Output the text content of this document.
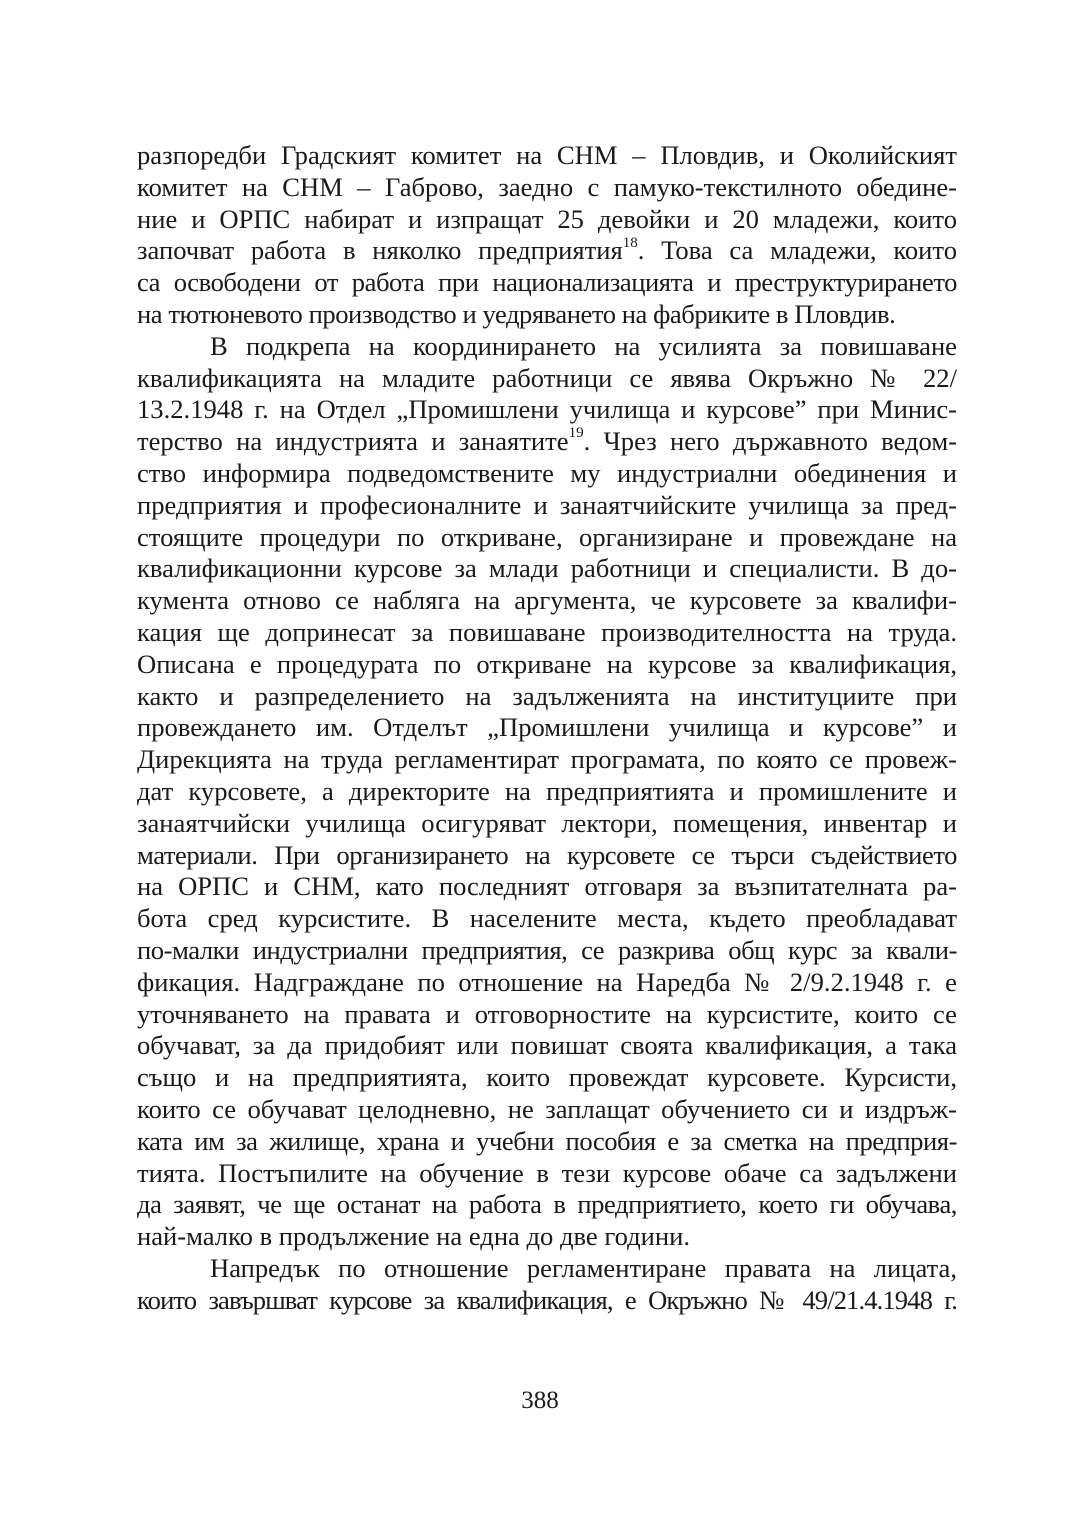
разпоредби Градският комитет на СНМ – Пловдив, и Околийският
комитет на СНМ – Габрово, заедно с памуко-текстилното обедине-
ние и ОРПС набират и изпращат 25 девойки и 20 младежи, които
започват работа в няколко предприятия$^{18}$. Това са младежи, които
са освободени от работа при национализацията и преструктурирането
на тютюневото производство и уедряването на фабриките в Пловдив.
В подкрепа на координирането на усилията за повишаване
квалификацията на младите работници се явява Окръжно № 22/
13.2.1948 г. на Отдел „Промишлени училища и курсове” при Минис-
терство на индустрията и занаятите$^{19}$. Чрез него държавното ведом-
ство информира подведомствените му индустриални обединения и
предприятия и професионалните и занаятчийските училища за пред-
стоящите процедури по откриване, организиране и провеждане на
квалификационни курсове за млади работници и специалисти. В до-
кумента отново се набляга на аргумента, че курсовете за квалифи-
кация ще допринесат за повишаване производителността на труда.
Описана е процедурата по откриване на курсове за квалификация,
както и разпределението на задълженията на институциите при
провеждането им. Отделът „Промишлени училища и курсове” и
Дирекцията на труда регламентират програмата, по която се провеж-
дат курсовете, а директорите на предприятията и промишлените и
занаятчийски училища осигуряват лектори, помещения, инвентар и
материали. При организирането на курсовете се търси съдействието
на ОРПС и СНМ, като последният отговаря за възпитателната ра-
бота сред курсистите. В населените места, където преобладават
по-малки индустриални предприятия, се разкрива общ курс за квали-
фикация. Надграждане по отношение на Наредба № 2/9.2.1948 г. е
уточняването на правата и отговорностите на курсистите, които се
обучават, за да придобият или повишат своята квалификация, а така
също и на предприятията, които провеждат курсовете. Курсисти,
които се обучават целодневно, не заплащат обучението си и издръж-
ката им за жилище, храна и учебни пособия е за сметка на предприя-
тията. Постъпилите на обучение в тези курсове обаче са задължени
да заявят, че ще останат на работа в предприятието, което ги обучава,
най-малко в продължение на една до две години.
Напредък по отношение регламентиране правата на лицата,
които завършват курсове за квалификация, е Окръжно № 49/21.4.1948 г.
388
